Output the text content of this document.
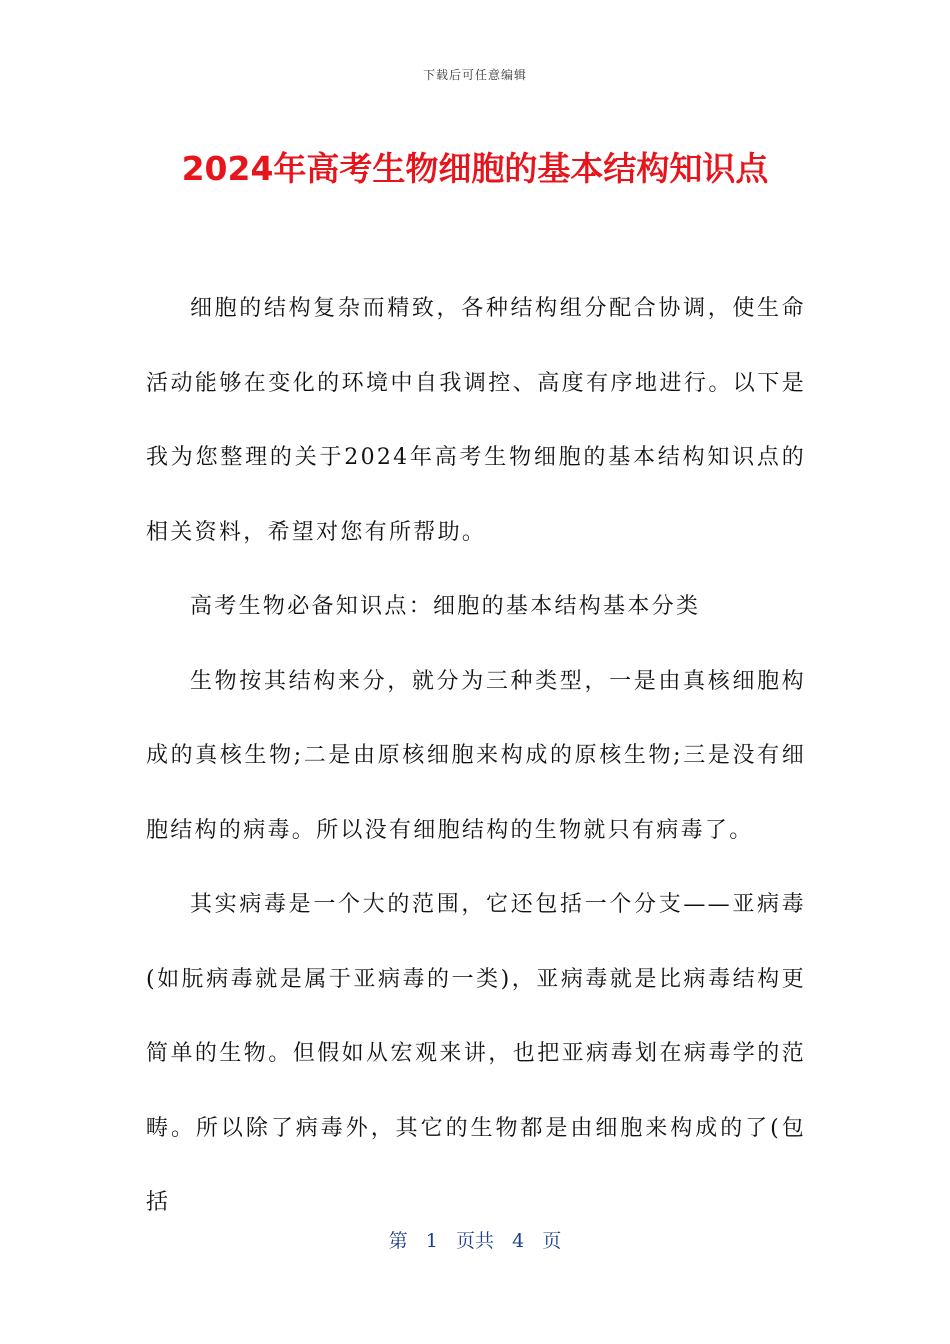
下载后可任意编辑
2024年高考生物细胞的基本结构知识点

细胞的结构复杂而精致，各种结构组分配合协调，使生命活动能够在变化的环境中自我调控、高度有序地进行。以下是我为您整理的关于2024年高考生物细胞的基本结构知识点的相关资料，希望对您有所帮助。

高考生物必备知识点：细胞的基本结构基本分类

生物按其结构来分，就分为三种类型，一是由真核细胞构成的真核生物;二是由原核细胞来构成的原核生物;三是没有细胞结构的病毒。所以没有细胞结构的生物就只有病毒了。

其实病毒是一个大的范围，它还包括一个分支——亚病毒(如朊病毒就是属于亚病毒的一类)，亚病毒就是比病毒结构更简单的生物。但假如从宏观来讲，也把亚病毒划在病毒学的范畴。所以除了病毒外，其它的生物都是由细胞来构成的了(包括

第 1 页共 4 页
